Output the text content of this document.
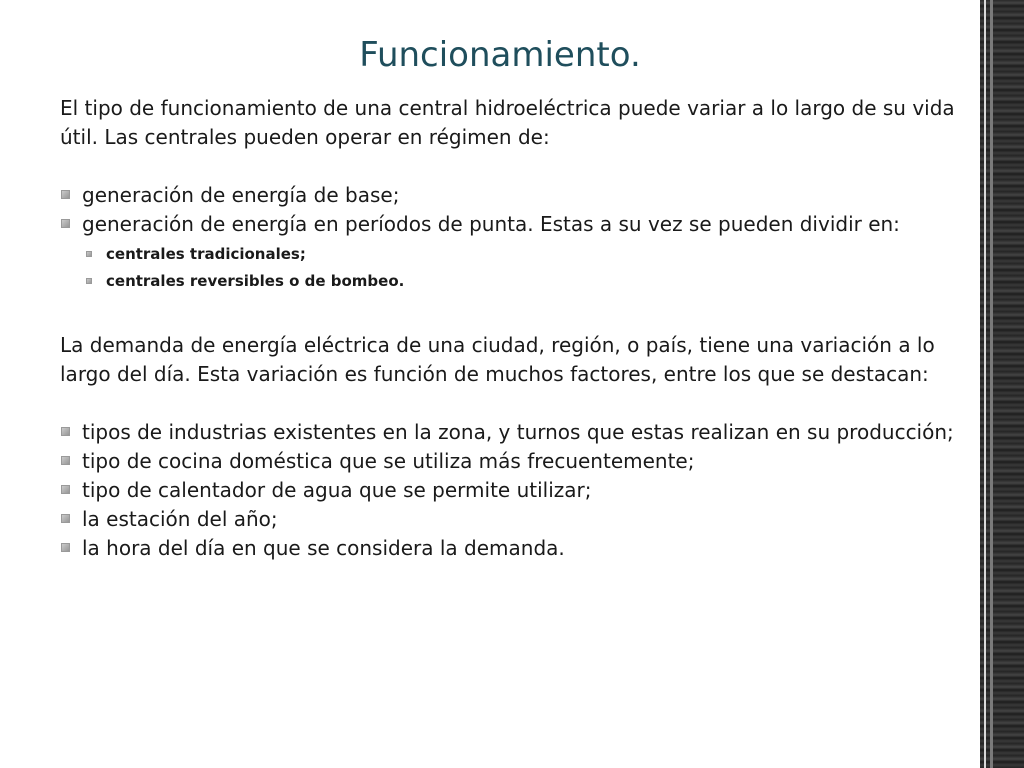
Funcionamiento.

El tipo de funcionamiento de una central hidroeléctrica puede variar a lo largo de su vida útil. Las centrales pueden operar en régimen de:

generación de energía de base;
generación de energía en períodos de punta. Estas a su vez se pueden dividir en:
centrales tradicionales;
centrales reversibles o de bombeo.

La demanda de energía eléctrica de una ciudad, región, o país, tiene una variación a lo largo del día. Esta variación es función de muchos factores, entre los que se destacan:

tipos de industrias existentes en la zona, y turnos que estas realizan en su producción;
tipo de cocina doméstica que se utiliza más frecuentemente;
tipo de calentador de agua que se permite utilizar;
la estación del año;
la hora del día en que se considera la demanda.
